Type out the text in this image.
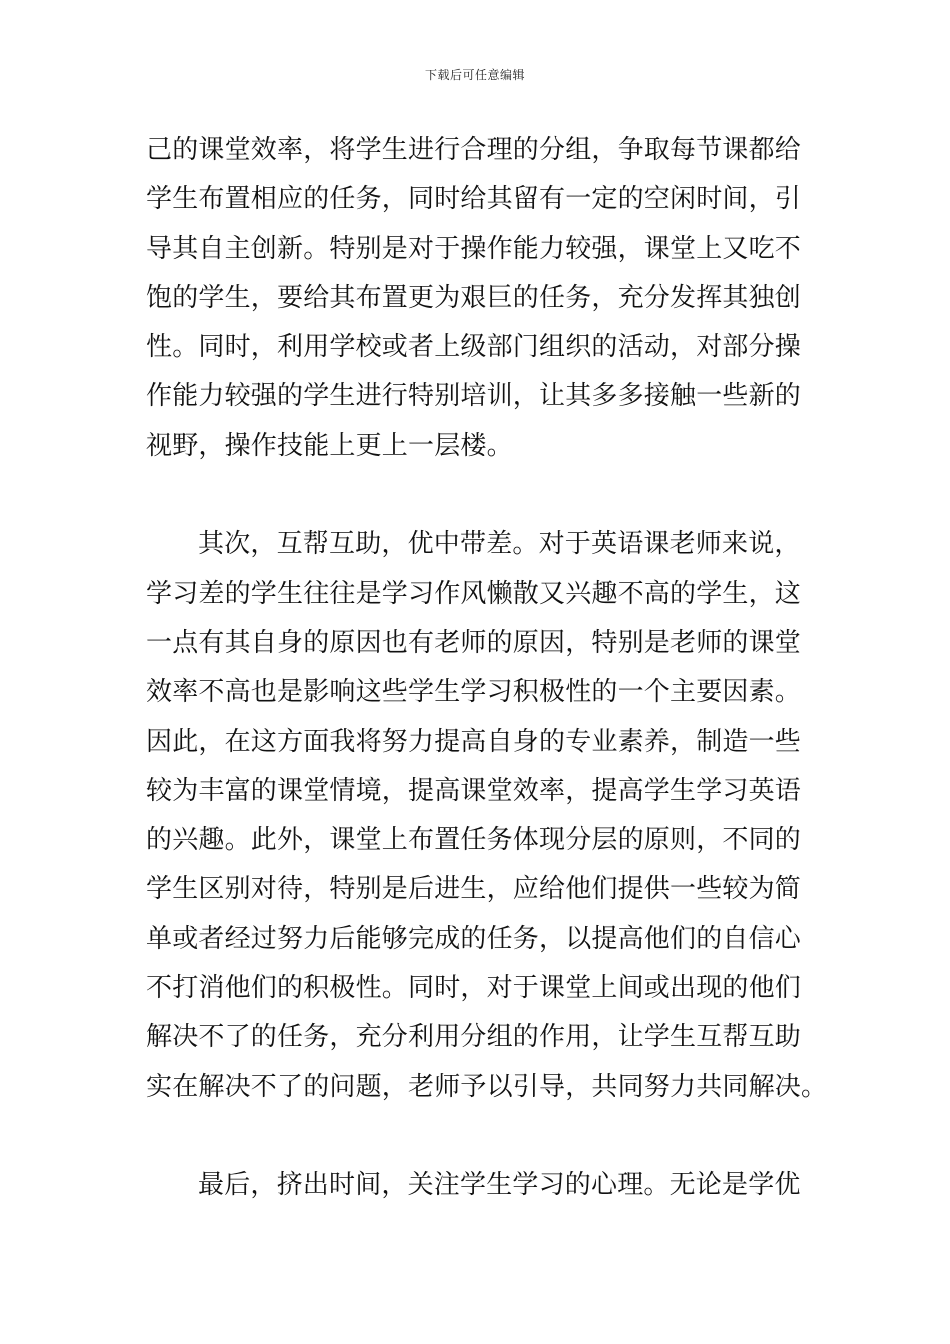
下载后可任意编辑
己的课堂效率，将学生进行合理的分组，争取每节课都给
学生布置相应的任务，同时给其留有一定的空闲时间，引
导其自主创新。特别是对于操作能力较强，课堂上又吃不
饱的学生，要给其布置更为艰巨的任务，充分发挥其独创
性。同时，利用学校或者上级部门组织的活动，对部分操
作能力较强的学生进行特别培训，让其多多接触一些新的
视野，操作技能上更上一层楼。
其次，互帮互助，优中带差。对于英语课老师来说，
学习差的学生往往是学习作风懒散又兴趣不高的学生，这
一点有其自身的原因也有老师的原因，特别是老师的课堂
效率不高也是影响这些学生学习积极性的一个主要因素。
因此，在这方面我将努力提高自身的专业素养，制造一些
较为丰富的课堂情境，提高课堂效率，提高学生学习英语
的兴趣。此外，课堂上布置任务体现分层的原则，不同的
学生区别对待，特别是后进生，应给他们提供一些较为简
单或者经过努力后能够完成的任务，以提高他们的自信心
不打消他们的积极性。同时，对于课堂上间或出现的他们
解决不了的任务，充分利用分组的作用，让学生互帮互助
实在解决不了的问题，老师予以引导，共同努力共同解决。
最后，挤出时间，关注学生学习的心理。无论是学优
